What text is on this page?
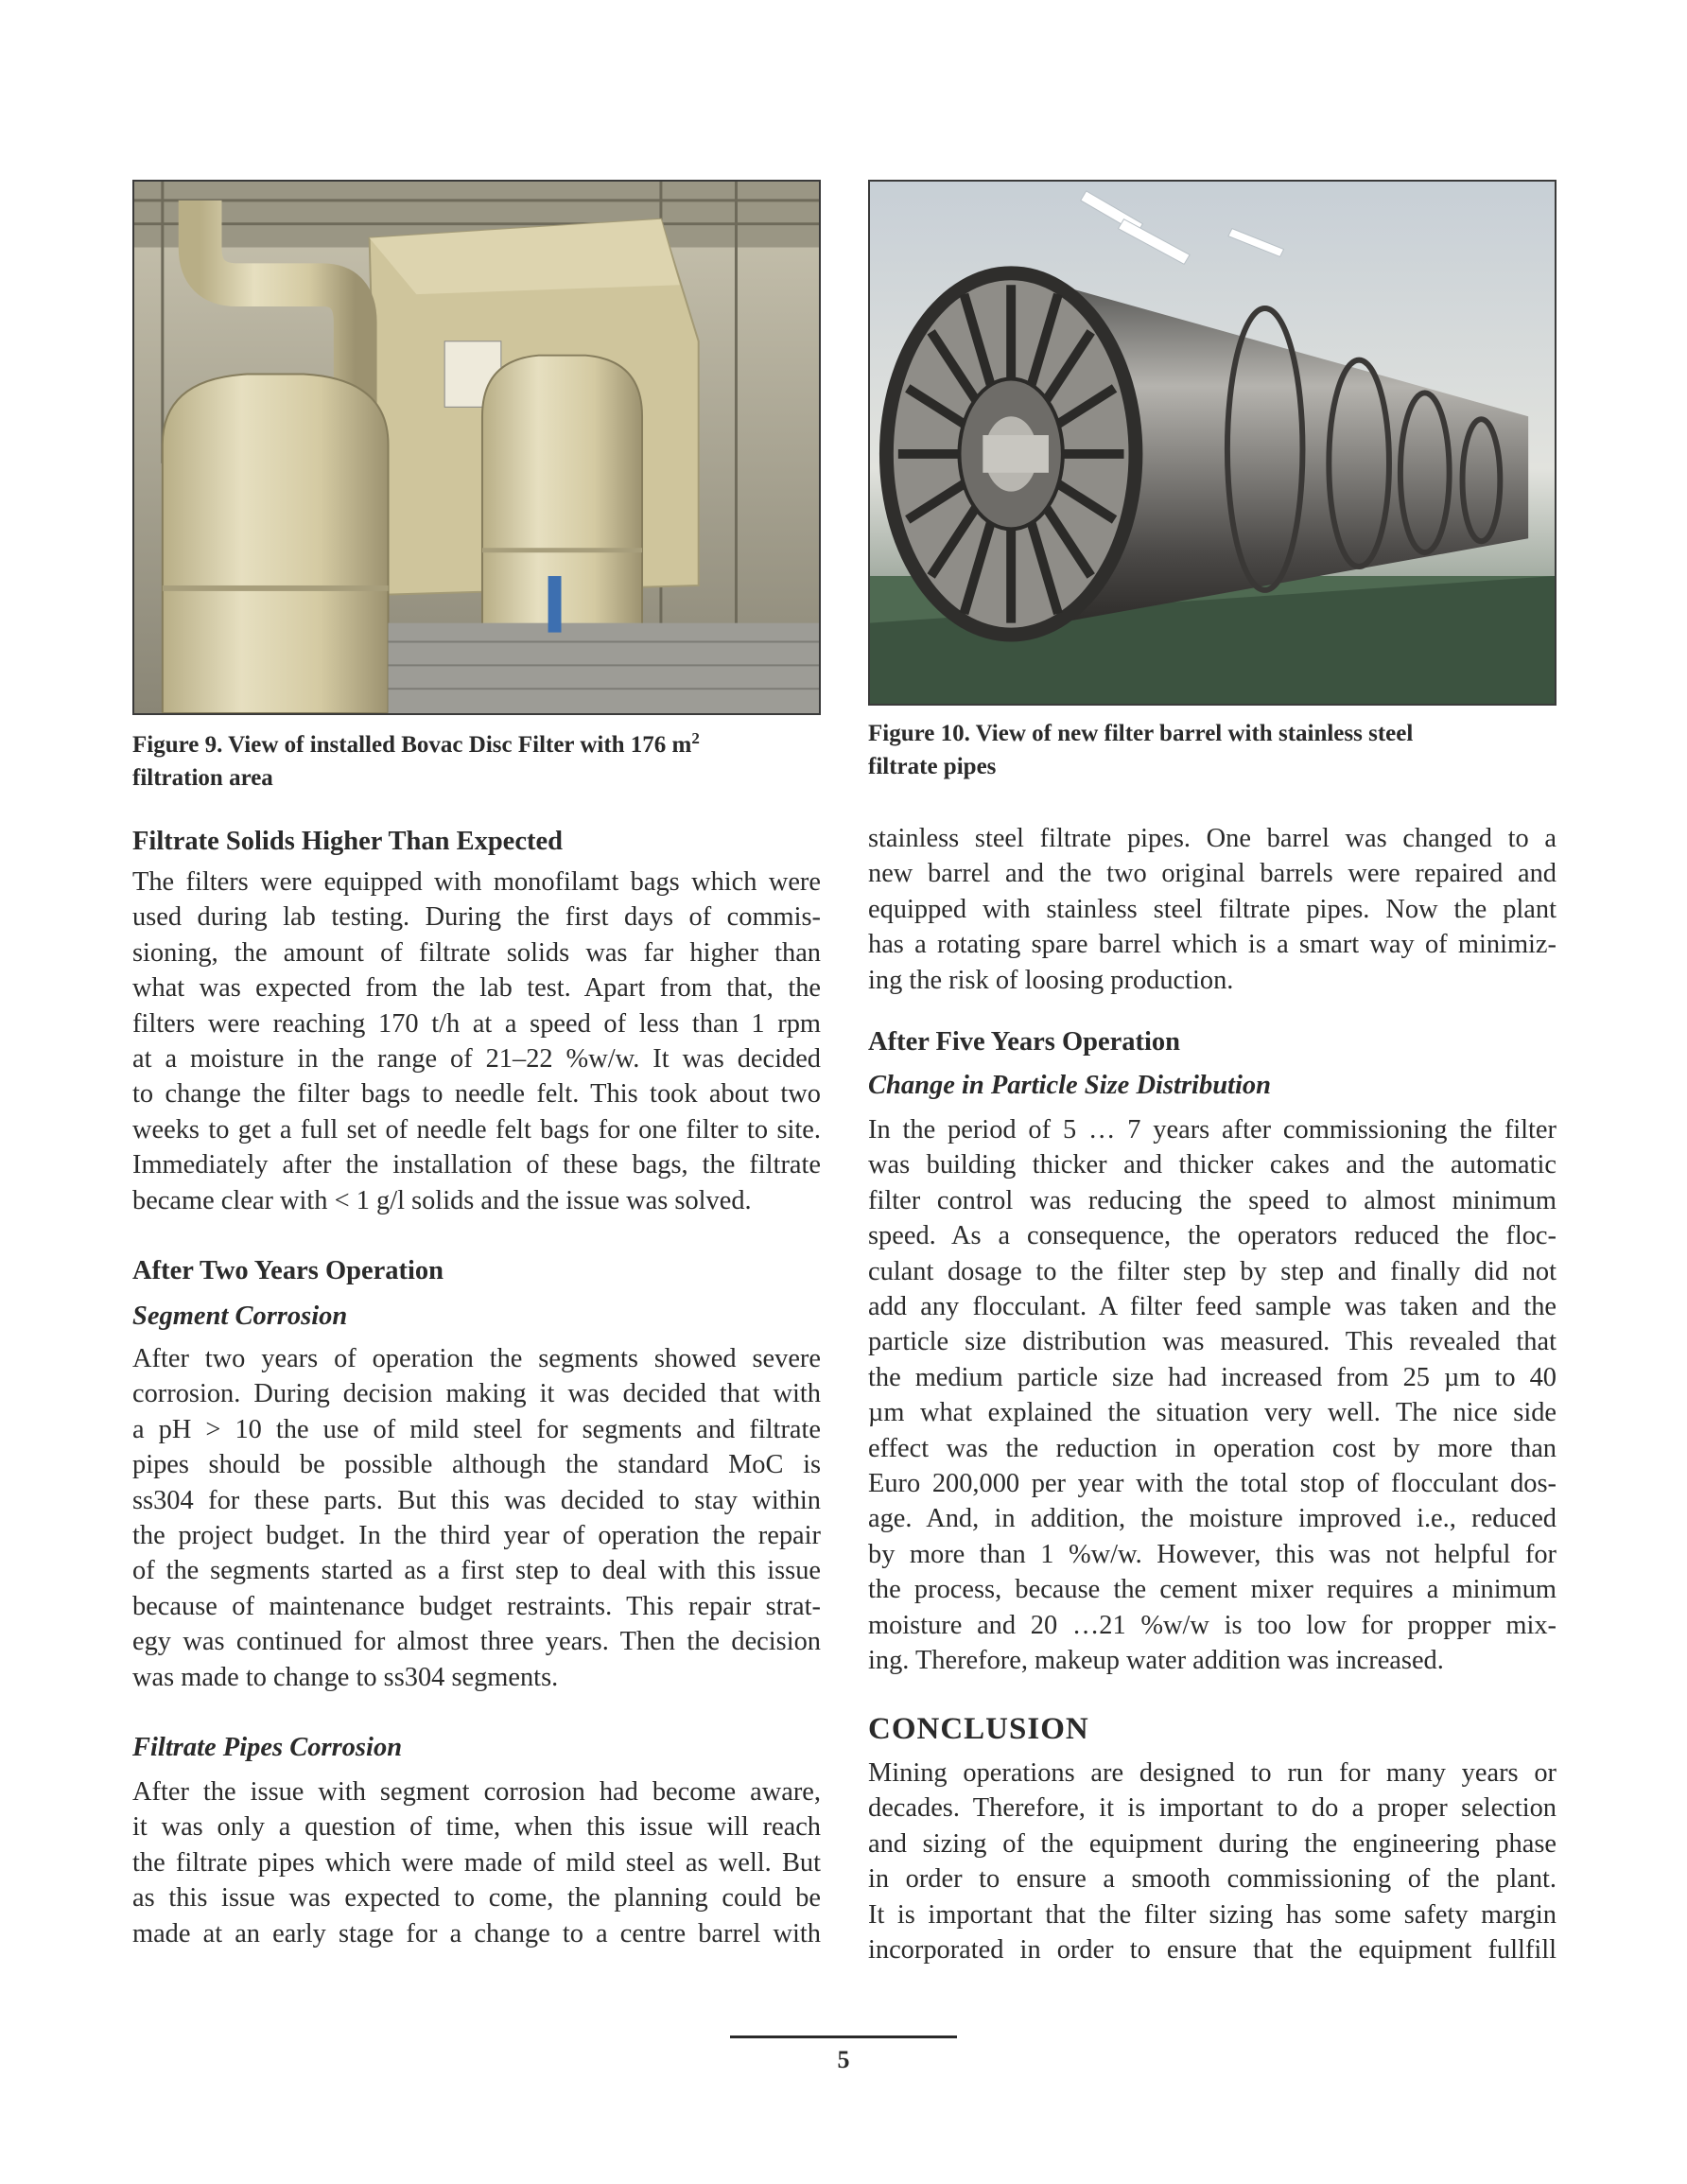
Figure 9. View of installed Bovac Disc Filter with 176 $m^2$
filtration area
Figure 10. View of new filter barrel with stainless steel
filtrate pipes
Filtrate Solids Higher Than Expected
The filters were equipped with monofilamt bags which were
used during lab testing. During the first days of commis-
sioning, the amount of filtrate solids was far higher than
what was expected from the lab test. Apart from that, the
filters were reaching 170 t/h at a speed of less than 1 rpm
at a moisture in the range of 21–22 %w/w. It was decided
to change the filter bags to needle felt. This took about two
weeks to get a full set of needle felt bags for one filter to site.
Immediately after the installation of these bags, the filtrate
became clear with < 1 g/l solids and the issue was solved.
After Two Years Operation
Segment Corrosion
After two years of operation the segments showed severe
corrosion. During decision making it was decided that with
a pH > 10 the use of mild steel for segments and filtrate
pipes should be possible although the standard MoC is
ss304 for these parts. But this was decided to stay within
the project budget. In the third year of operation the repair
of the segments started as a first step to deal with this issue
because of maintenance budget restraints. This repair strat-
egy was continued for almost three years. Then the decision
was made to change to ss304 segments.
Filtrate Pipes Corrosion
After the issue with segment corrosion had become aware,
it was only a question of time, when this issue will reach
the filtrate pipes which were made of mild steel as well. But
as this issue was expected to come, the planning could be
made at an early stage for a change to a centre barrel with
stainless steel filtrate pipes. One barrel was changed to a
new barrel and the two original barrels were repaired and
equipped with stainless steel filtrate pipes. Now the plant
has a rotating spare barrel which is a smart way of minimiz-
ing the risk of loosing production.
After Five Years Operation
Change in Particle Size Distribution
In the period of 5 … 7 years after commissioning the filter
was building thicker and thicker cakes and the automatic
filter control was reducing the speed to almost minimum
speed. As a consequence, the operators reduced the floc-
culant dosage to the filter step by step and finally did not
add any flocculant. A filter feed sample was taken and the
particle size distribution was measured. This revealed that
the medium particle size had increased from 25 µm to 40
µm what explained the situation very well. The nice side
effect was the reduction in operation cost by more than
Euro 200,000 per year with the total stop of flocculant dos-
age. And, in addition, the moisture improved i.e., reduced
by more than 1 %w/w. However, this was not helpful for
the process, because the cement mixer requires a minimum
moisture and 20 …21 %w/w is too low for propper mix-
ing. Therefore, makeup water addition was increased.
CONCLUSION
Mining operations are designed to run for many years or
decades. Therefore, it is important to do a proper selection
and sizing of the equipment during the engineering phase
in order to ensure a smooth commissioning of the plant.
It is important that the filter sizing has some safety margin
incorporated in order to ensure that the equipment fullfill
5
